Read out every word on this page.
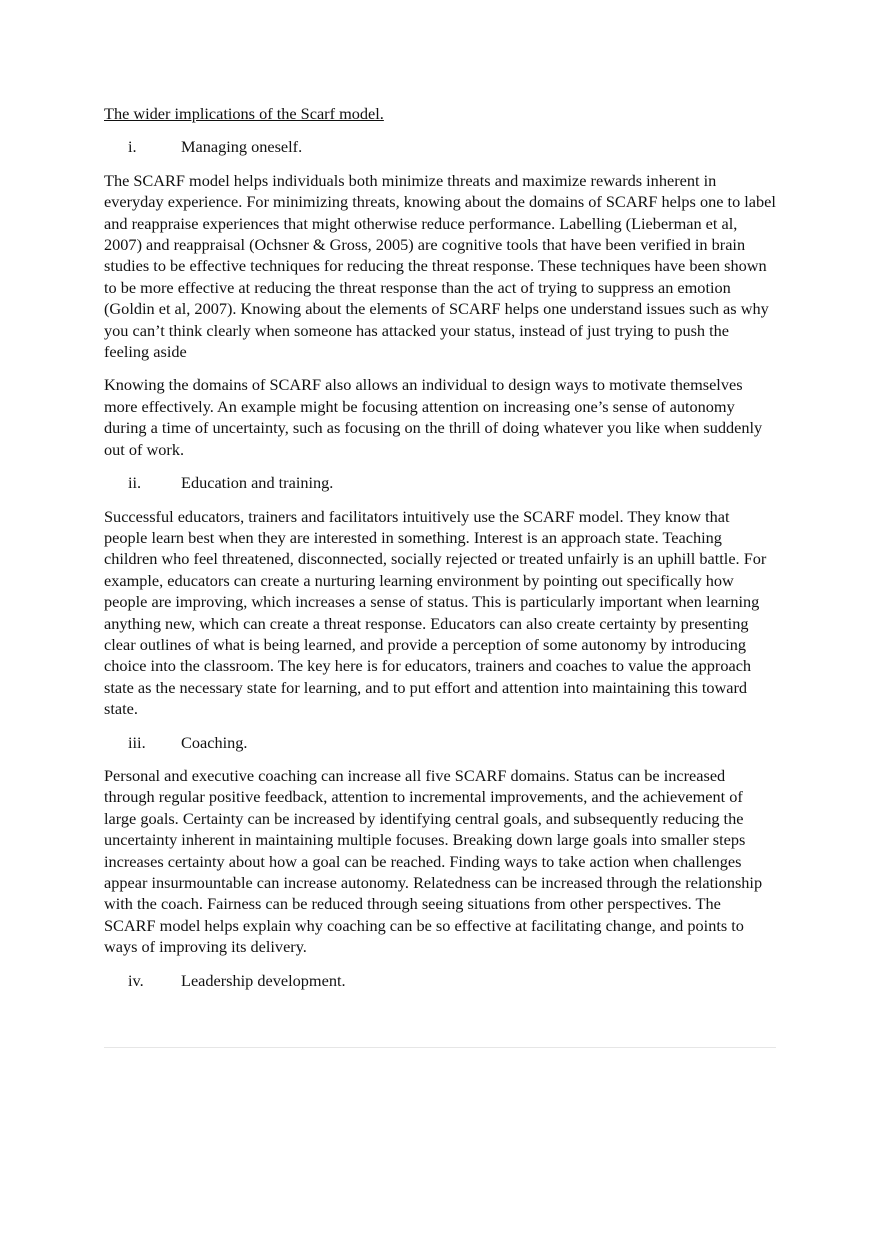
The wider implications of the Scarf model.
i.	Managing oneself.

The SCARF model helps individuals both minimize threats and maximize rewards inherent in everyday experience. For minimizing threats, knowing about the domains of SCARF helps one to label and reappraise experiences that might otherwise reduce performance. Labelling (Lieberman et al, 2007) and reappraisal (Ochsner & Gross, 2005) are cognitive tools that have been verified in brain studies to be effective techniques for reducing the threat response. These techniques have been shown to be more effective at reducing the threat response than the act of trying to suppress an emotion (Goldin et al, 2007). Knowing about the elements of SCARF helps one understand issues such as why you can’t think clearly when someone has attacked your status, instead of just trying to push the feeling aside

Knowing the domains of SCARF also allows an individual to design ways to motivate themselves more effectively. An example might be focusing attention on increasing one’s sense of autonomy during a time of uncertainty, such as focusing on the thrill of doing whatever you like when suddenly out of work.

ii.	Education and training.

Successful educators, trainers and facilitators intuitively use the SCARF model. They know that people learn best when they are interested in something. Interest is an approach state. Teaching children who feel threatened, disconnected, socially rejected or treated unfairly is an uphill battle. For example, educators can create a nurturing learning environment by pointing out specifically how people are improving, which increases a sense of status. This is particularly important when learning anything new, which can create a threat response. Educators can also create certainty by presenting clear outlines of what is being learned, and provide a perception of some autonomy by introducing choice into the classroom. The key here is for educators, trainers and coaches to value the approach state as the necessary state for learning, and to put effort and attention into maintaining this toward state.

iii.	Coaching.

Personal and executive coaching can increase all five SCARF domains. Status can be increased through regular positive feedback, attention to incremental improvements, and the achievement of large goals. Certainty can be increased by identifying central goals, and subsequently reducing the uncertainty inherent in maintaining multiple focuses. Breaking down large goals into smaller steps increases certainty about how a goal can be reached. Finding ways to take action when challenges appear insurmountable can increase autonomy. Relatedness can be increased through the relationship with the coach. Fairness can be reduced through seeing situations from other perspectives. The SCARF model helps explain why coaching can be so effective at facilitating change, and points to ways of improving its delivery.

iv.	Leadership development.
